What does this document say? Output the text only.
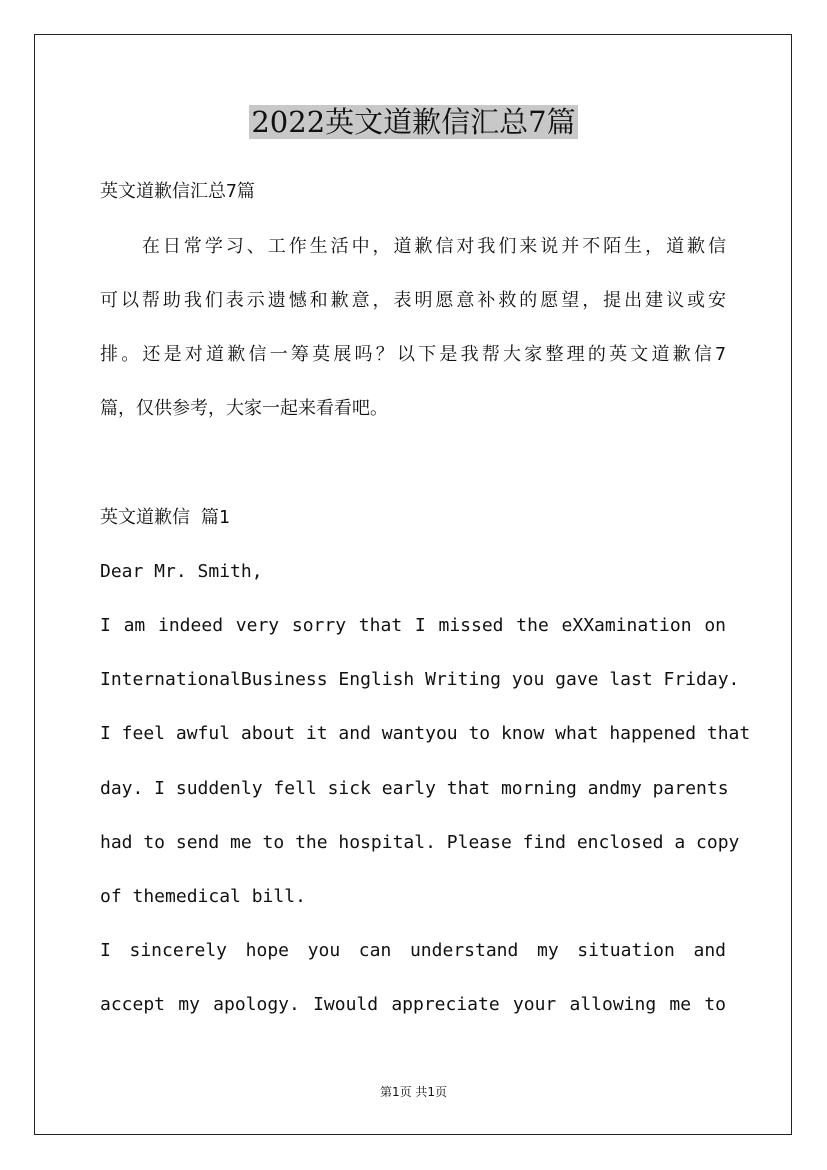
2022英文道歉信汇总7篇
英文道歉信汇总7篇
　　在日常学习、工作生活中，道歉信对我们来说并不陌生，道歉信
可以帮助我们表示遗憾和歉意，表明愿意补救的愿望，提出建议或安
排。还是对道歉信一筹莫展吗？以下是我帮大家整理的英文道歉信7
篇，仅供参考，大家一起来看看吧。
英文道歉信 篇1
Dear Mr. Smith,
I am indeed very sorry that I missed the eXXamination on
InternationalBusiness English Writing you gave last Friday.
I feel awful about it and wantyou to know what happened that
day. I suddenly fell sick early that morning andmy parents
had to send me to the hospital. Please find enclosed a copy
of themedical bill.
I sincerely hope you can understand my situation and
accept my apology. Iwould appreciate your allowing me to
第1页 共1页
